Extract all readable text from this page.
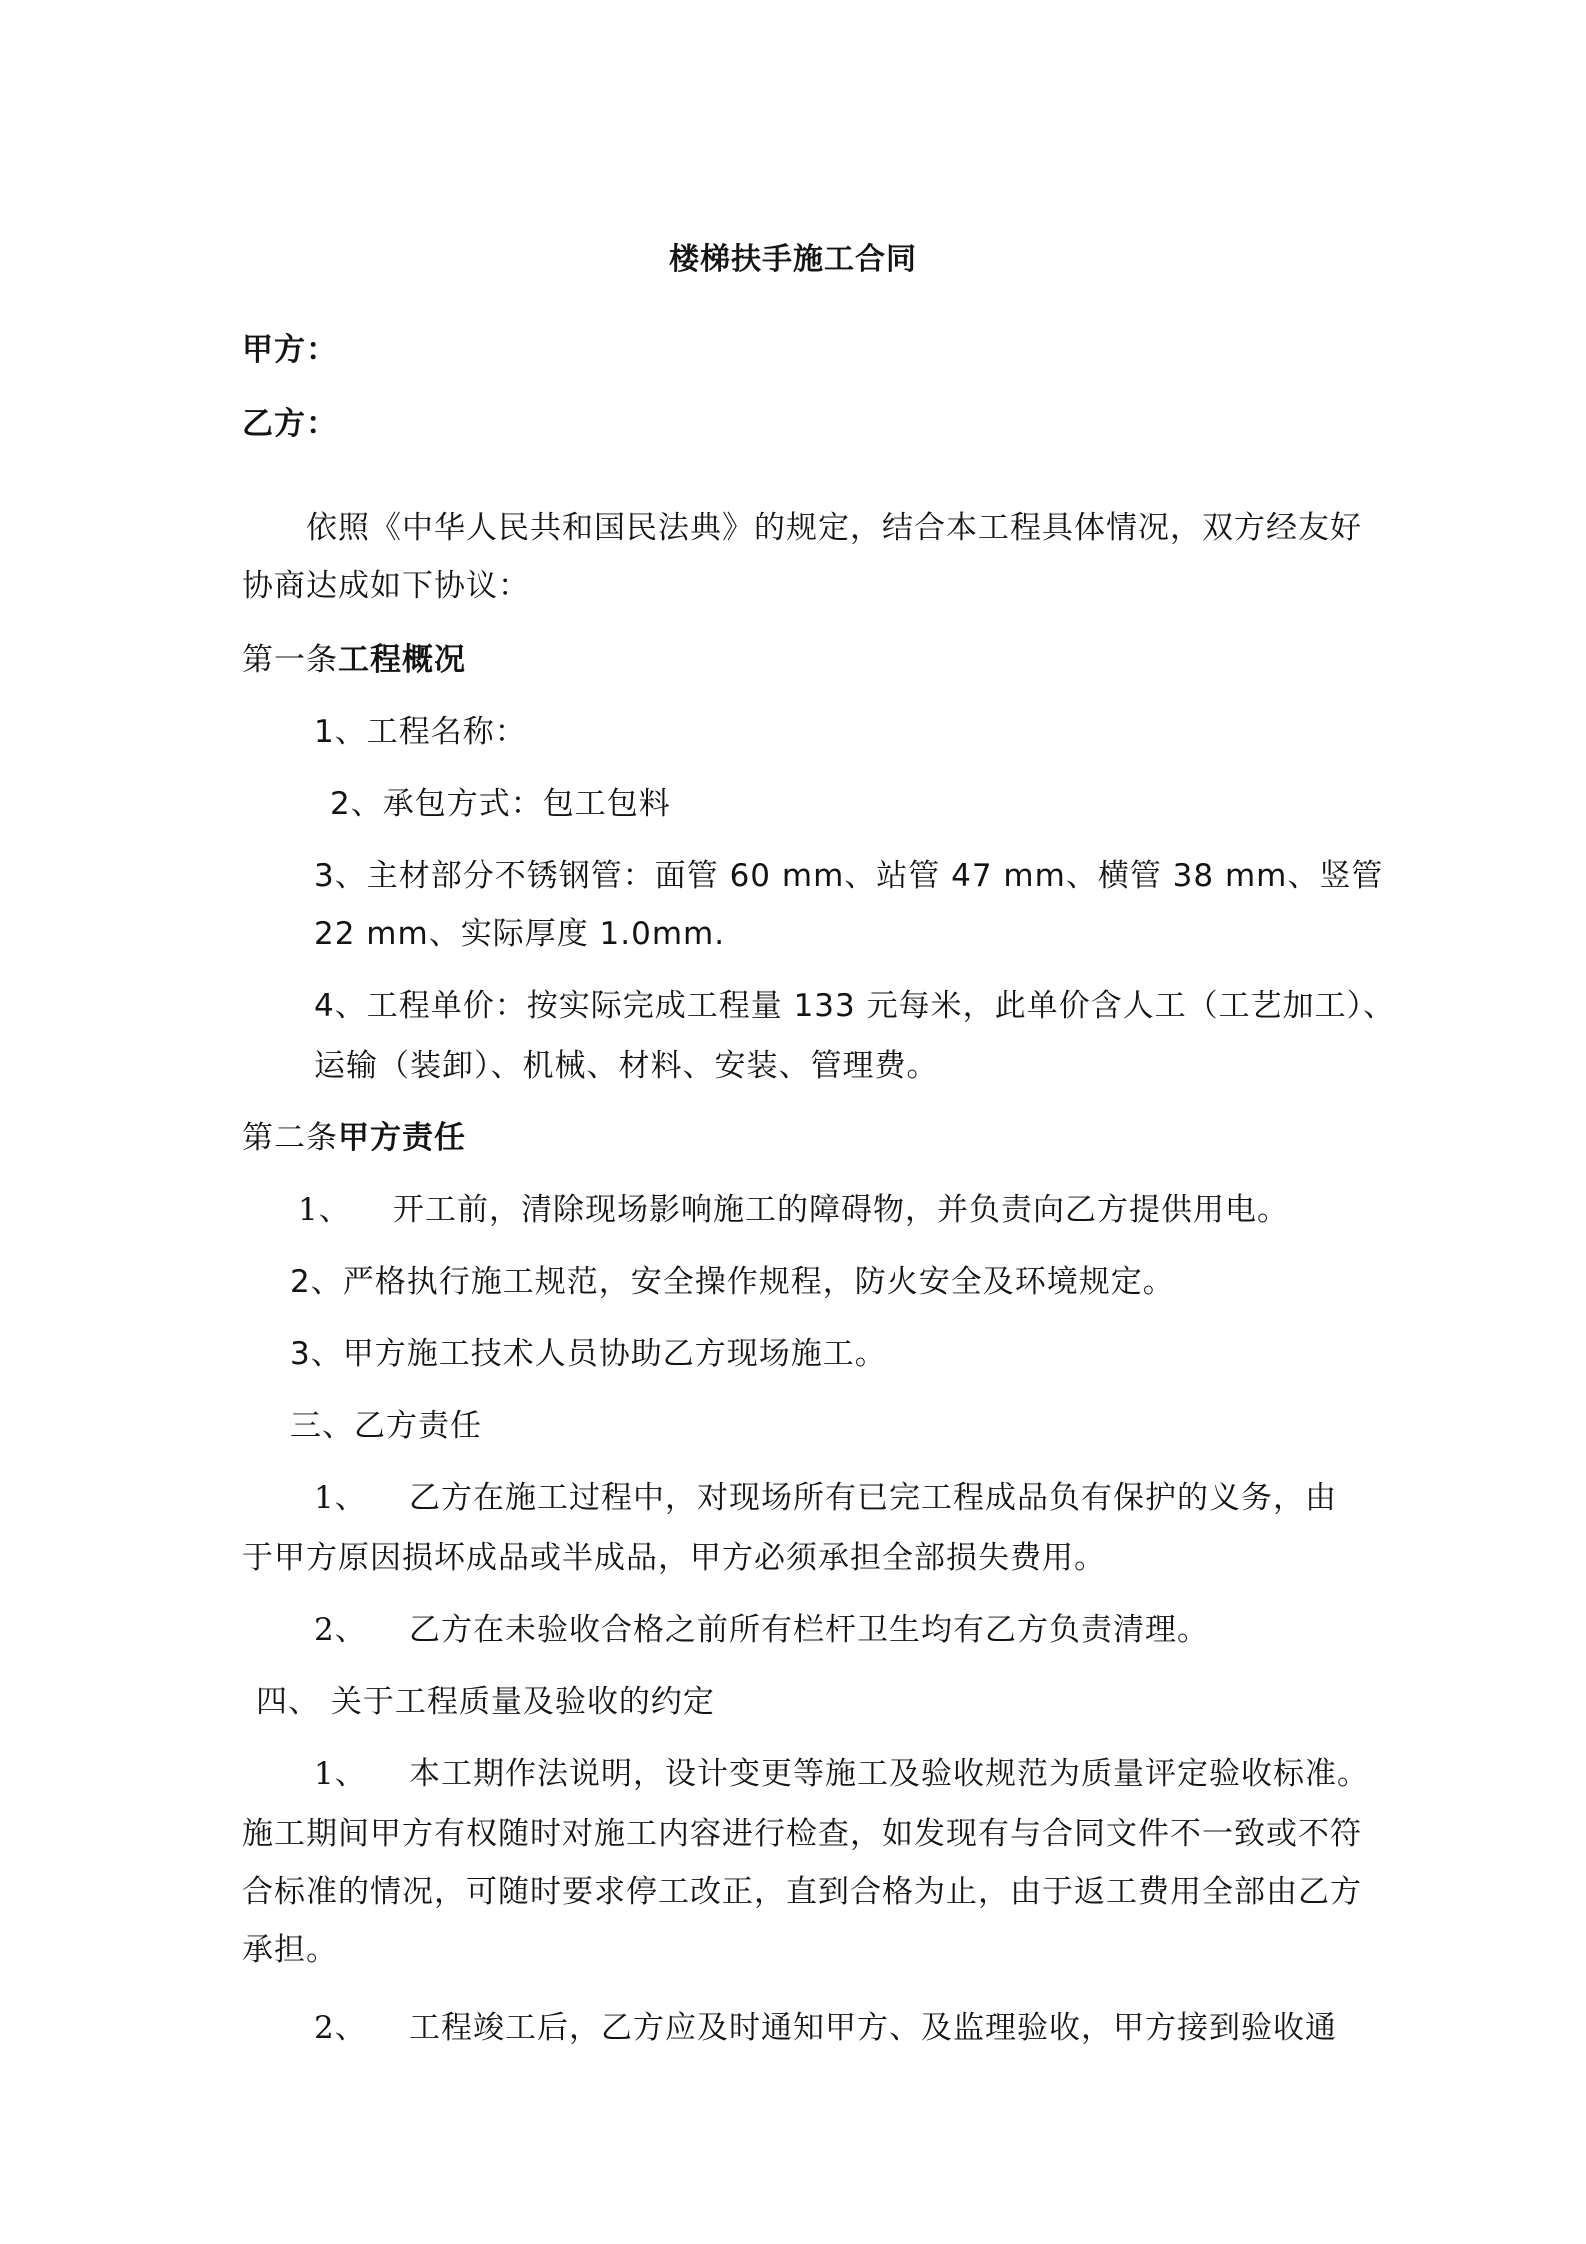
楼梯扶手施工合同
甲方：
乙方：
依照《中华人民共和国民法典》的规定，结合本工程具体情况，双方经友好
协商达成如下协议：
第一条工程概况
1、工程名称：
2、承包方式：包工包料
3、主材部分不锈钢管：面管 60 mm、站管 47 mm、横管 38 mm、竖管
22 mm、实际厚度 1.0mm.
4、工程单价：按实际完成工程量 133 元每米，此单价含人工（工艺加工）、
运输（装卸）、机械、材料、安装、管理费。
第二条甲方责任
1、 开工前，清除现场影响施工的障碍物，并负责向乙方提供用电。
2、严格执行施工规范，安全操作规程，防火安全及环境规定。
3、甲方施工技术人员协助乙方现场施工。
三、乙方责任
1、 乙方在施工过程中，对现场所有已完工程成品负有保护的义务，由
于甲方原因损坏成品或半成品，甲方必须承担全部损失费用。
2、 乙方在未验收合格之前所有栏杆卫生均有乙方负责清理。
四、 关于工程质量及验收的约定
1、 本工期作法说明，设计变更等施工及验收规范为质量评定验收标准。
施工期间甲方有权随时对施工内容进行检查，如发现有与合同文件不一致或不符
合标准的情况，可随时要求停工改正，直到合格为止，由于返工费用全部由乙方
承担。
2、 工程竣工后，乙方应及时通知甲方、及监理验收，甲方接到验收通
